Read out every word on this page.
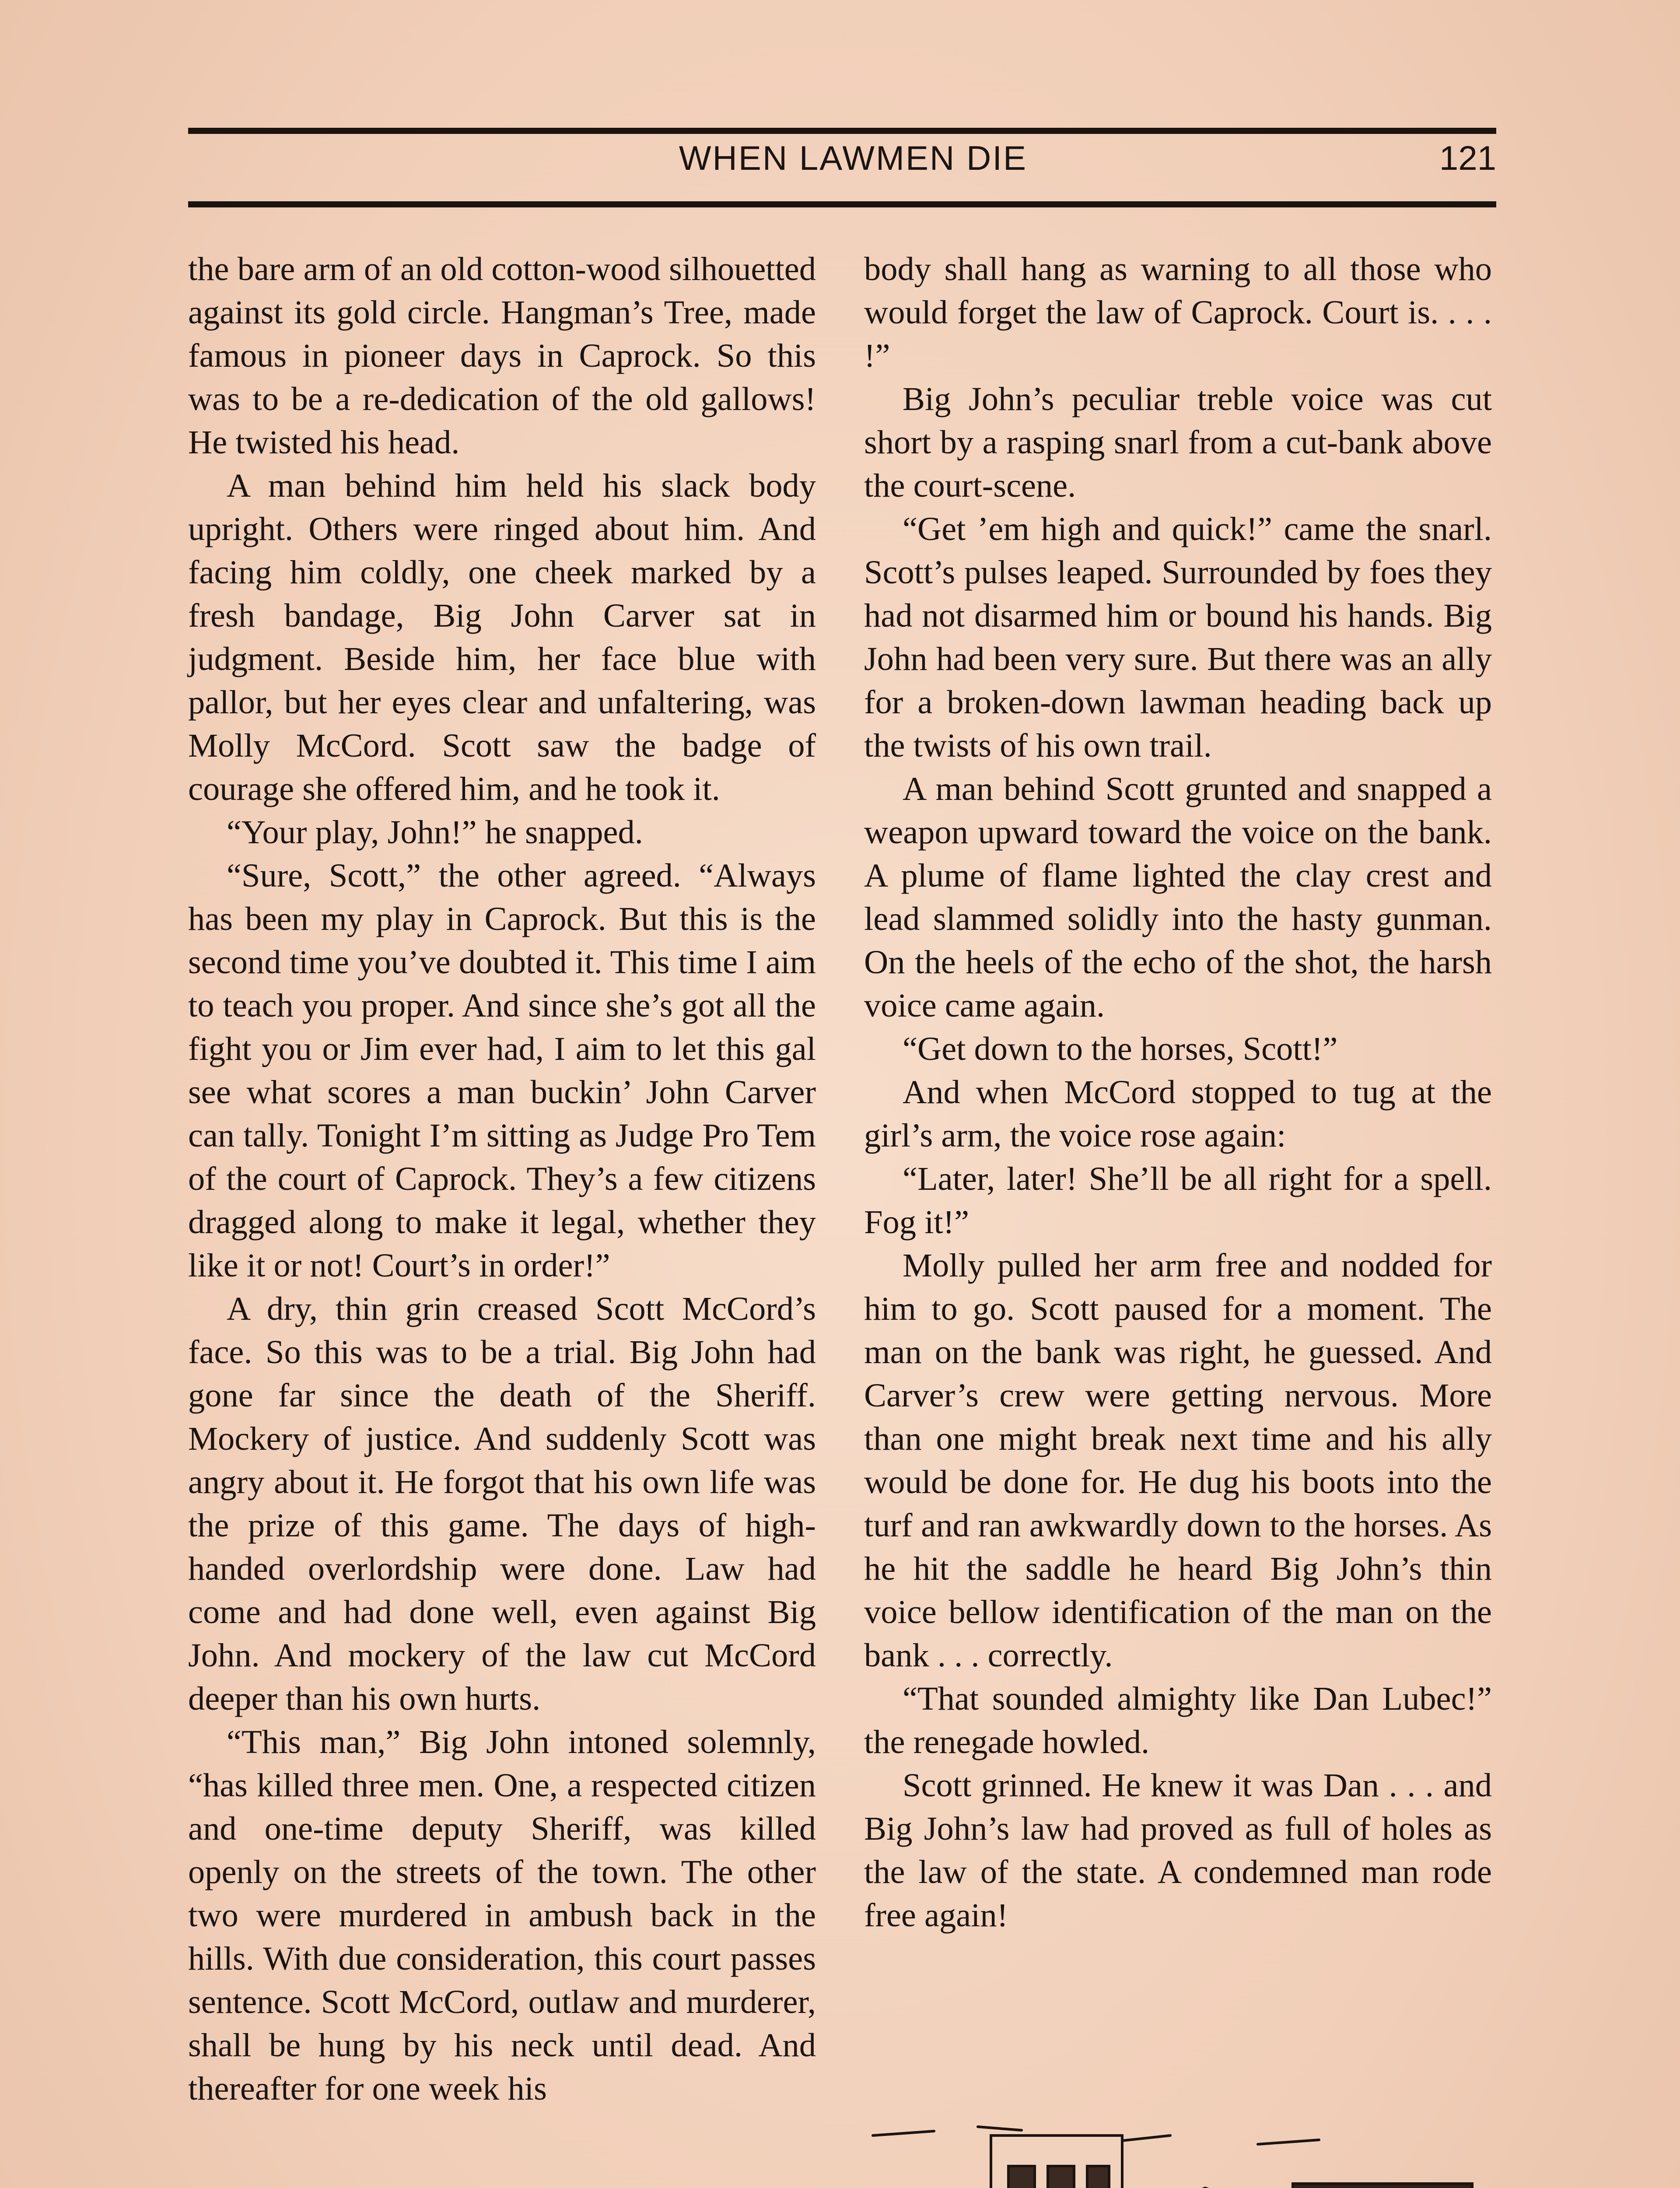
WHEN LAWMEN DIE	121

the bare arm of an old cotton-wood silhouetted against its gold circle. Hangman’s Tree, made famous in pioneer days in Caprock. So this was to be a re-dedication of the old gallows! He twisted his head.

A man behind him held his slack body upright. Others were ringed about him. And facing him coldly, one cheek marked by a fresh bandage, Big John Carver sat in judgment. Beside him, her face blue with pallor, but her eyes clear and unfaltering, was Molly McCord. Scott saw the badge of courage she offered him, and he took it.

“Your play, John!” he snapped.

“Sure, Scott,” the other agreed. “Always has been my play in Caprock. But this is the second time you’ve doubted it. This time I aim to teach you proper. And since she’s got all the fight you or Jim ever had, I aim to let this gal see what scores a man buckin’ John Carver can tally. Tonight I’m sitting as Judge Pro Tem of the court of Caprock. They’s a few citizens dragged along to make it legal, whether they like it or not! Court’s in order!”

A dry, thin grin creased Scott McCord’s face. So this was to be a trial. Big John had gone far since the death of the Sheriff. Mockery of justice. And suddenly Scott was angry about it. He forgot that his own life was the prize of this game. The days of high-handed overlordship were done. Law had come and had done well, even against Big John. And mockery of the law cut McCord deeper than his own hurts.

“This man,” Big John intoned solemnly, “has killed three men. One, a respected citizen and one-time deputy Sheriff, was killed openly on the streets of the town. The other two were murdered in ambush back in the hills. With due consideration, this court passes sentence. Scott McCord, outlaw and murderer, shall be hung by his neck until dead. And thereafter for one week his

body shall hang as warning to all those who would forget the law of Caprock. Court is. . . . !”

Big John’s peculiar treble voice was cut short by a rasping snarl from a cut-bank above the court-scene.

“Get ’em high and quick!” came the snarl. Scott’s pulses leaped. Surrounded by foes they had not disarmed him or bound his hands. Big John had been very sure. But there was an ally for a broken-down lawman heading back up the twists of his own trail.

A man behind Scott grunted and snapped a weapon upward toward the voice on the bank. A plume of flame lighted the clay crest and lead slammed solidly into the hasty gunman. On the heels of the echo of the shot, the harsh voice came again.

“Get down to the horses, Scott!”

And when McCord stopped to tug at the girl’s arm, the voice rose again:

“Later, later! She’ll be all right for a spell. Fog it!”

Molly pulled her arm free and nodded for him to go. Scott paused for a moment. The man on the bank was right, he guessed. And Carver’s crew were getting nervous. More than one might break next time and his ally would be done for. He dug his boots into the turf and ran awkwardly down to the horses. As he hit the saddle he heard Big John’s thin voice bellow identification of the man on the bank . . . correctly.

“That sounded almighty like Dan Lubec!” the renegade howled.

Scott grinned. He knew it was Dan . . . and Big John’s law had proved as full of holes as the law of the state. A condemned man rode free again!
